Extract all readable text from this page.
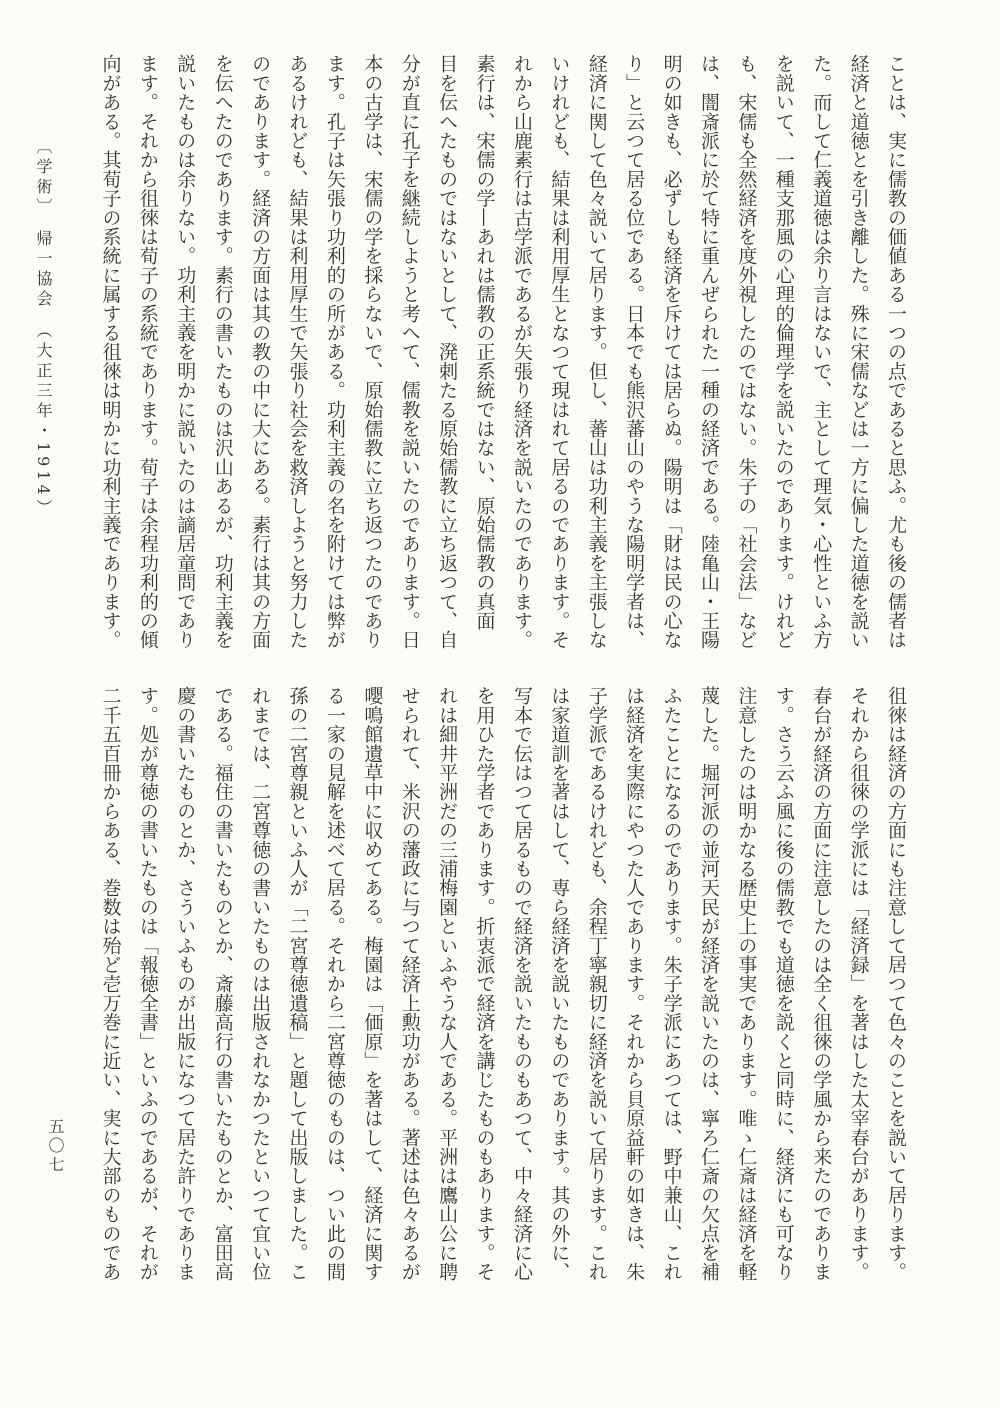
〔学術〕　帰一協会　（大正三年・1914）	ことは、実に儒教の価値ある一つの点であると思ふ。尤も後の儒者は

経済と道徳とを引き離した。殊に宋儒などは一方に偏した道徳を説い

た。而して仁義道徳は余り言はないで、主として理気・心性といふ方

を説いて、一種支那風の心理的倫理学を説いたのであります。けれど

も、宋儒も全然経済を度外視したのではない。朱子の「社会法」など

は、闇斎派に於て特に重んぜられた一種の経済である。陸亀山・王陽

明の如きも、必ずしも経済を斥けては居らぬ。陽明は「財は民の心な

り」と云つて居る位である。日本でも熊沢蕃山のやうな陽明学者は、

経済に関して色々説いて居ります。但し、蕃山は功利主義を主張しな

いけれども、結果は利用厚生となつて現はれて居るのであります。そ

れから山鹿素行は古学派であるが矢張り経済を説いたのであります。

素行は、宋儒の学—あれは儒教の正系統ではない、原始儒教の真面

目を伝へたものではないとして、溌剌たる原始儒教に立ち返つて、自

分が直に孔子を継続しようと考へて、儒教を説いたのであります。日

本の古学は、宋儒の学を採らないで、原始儒教に立ち返つたのであり

ます。孔子は矢張り功利的の所がある。功利主義の名を附けては弊が

あるけれども、結果は利用厚生で矢張り社会を救済しようと努力した

のであります。経済の方面は其の教の中に大にある。素行は其の方面

を伝へたのであります。素行の書いたものは沢山あるが、功利主義を

説いたものは余りない。功利主義を明かに説いたのは謫居童問であり

ます。それから徂徠は荀子の系統であります。荀子は余程功利的の傾

向がある。其荀子の系統に属する徂徠は明かに功利主義であります。

徂徠は経済の方面にも注意して居つて色々のことを説いて居ります。

それから徂徠の学派には「経済録」を著はした太宰春台があります。

春台が経済の方面に注意したのは全く徂徠の学風から来たのでありま

す。さう云ふ風に後の儒教でも道徳を説くと同時に、経済にも可なり

注意したのは明かなる歴史上の事実であります。唯ゝ仁斎は経済を軽

蔑した。堀河派の並河天民が経済を説いたのは、寧ろ仁斎の欠点を補

ふたことになるのであります。朱子学派にあつては、野中兼山、これ

は経済を実際にやつた人であります。それから貝原益軒の如きは、朱

子学派であるけれども、余程丁寧親切に経済を説いて居ります。これ

は家道訓を著はして、専ら経済を説いたものであります。其の外に、

写本で伝はつて居るもので経済を説いたものもあつて、中々経済に心

を用ひた学者であります。折衷派で経済を講じたものもあります。そ

れは細井平洲だの三浦梅園といふやうな人である。平洲は鷹山公に聘

せられて、米沢の藩政に与つて経済上勲功がある。著述は色々あるが

嚶鳴館遺草中に収めてある。梅園は「価原」を著はして、経済に関す

る一家の見解を述べて居る。それから二宮尊徳のものは、つい此の間

孫の二宮尊親といふ人が「二宮尊徳遺稿」と題して出版しました。こ

れまでは、二宮尊徳の書いたものは出版されなかつたといつて宜い位

である。福住の書いたものとか、斎藤高行の書いたものとか、富田高

慶の書いたものとか、さういふものが出版になつて居た許りでありま

す。処が尊徳の書いたものは「報徳全書」といふのであるが、それが

二千五百冊からある、巻数は殆ど壱万巻に近い、実に大部のものであ

五〇七
